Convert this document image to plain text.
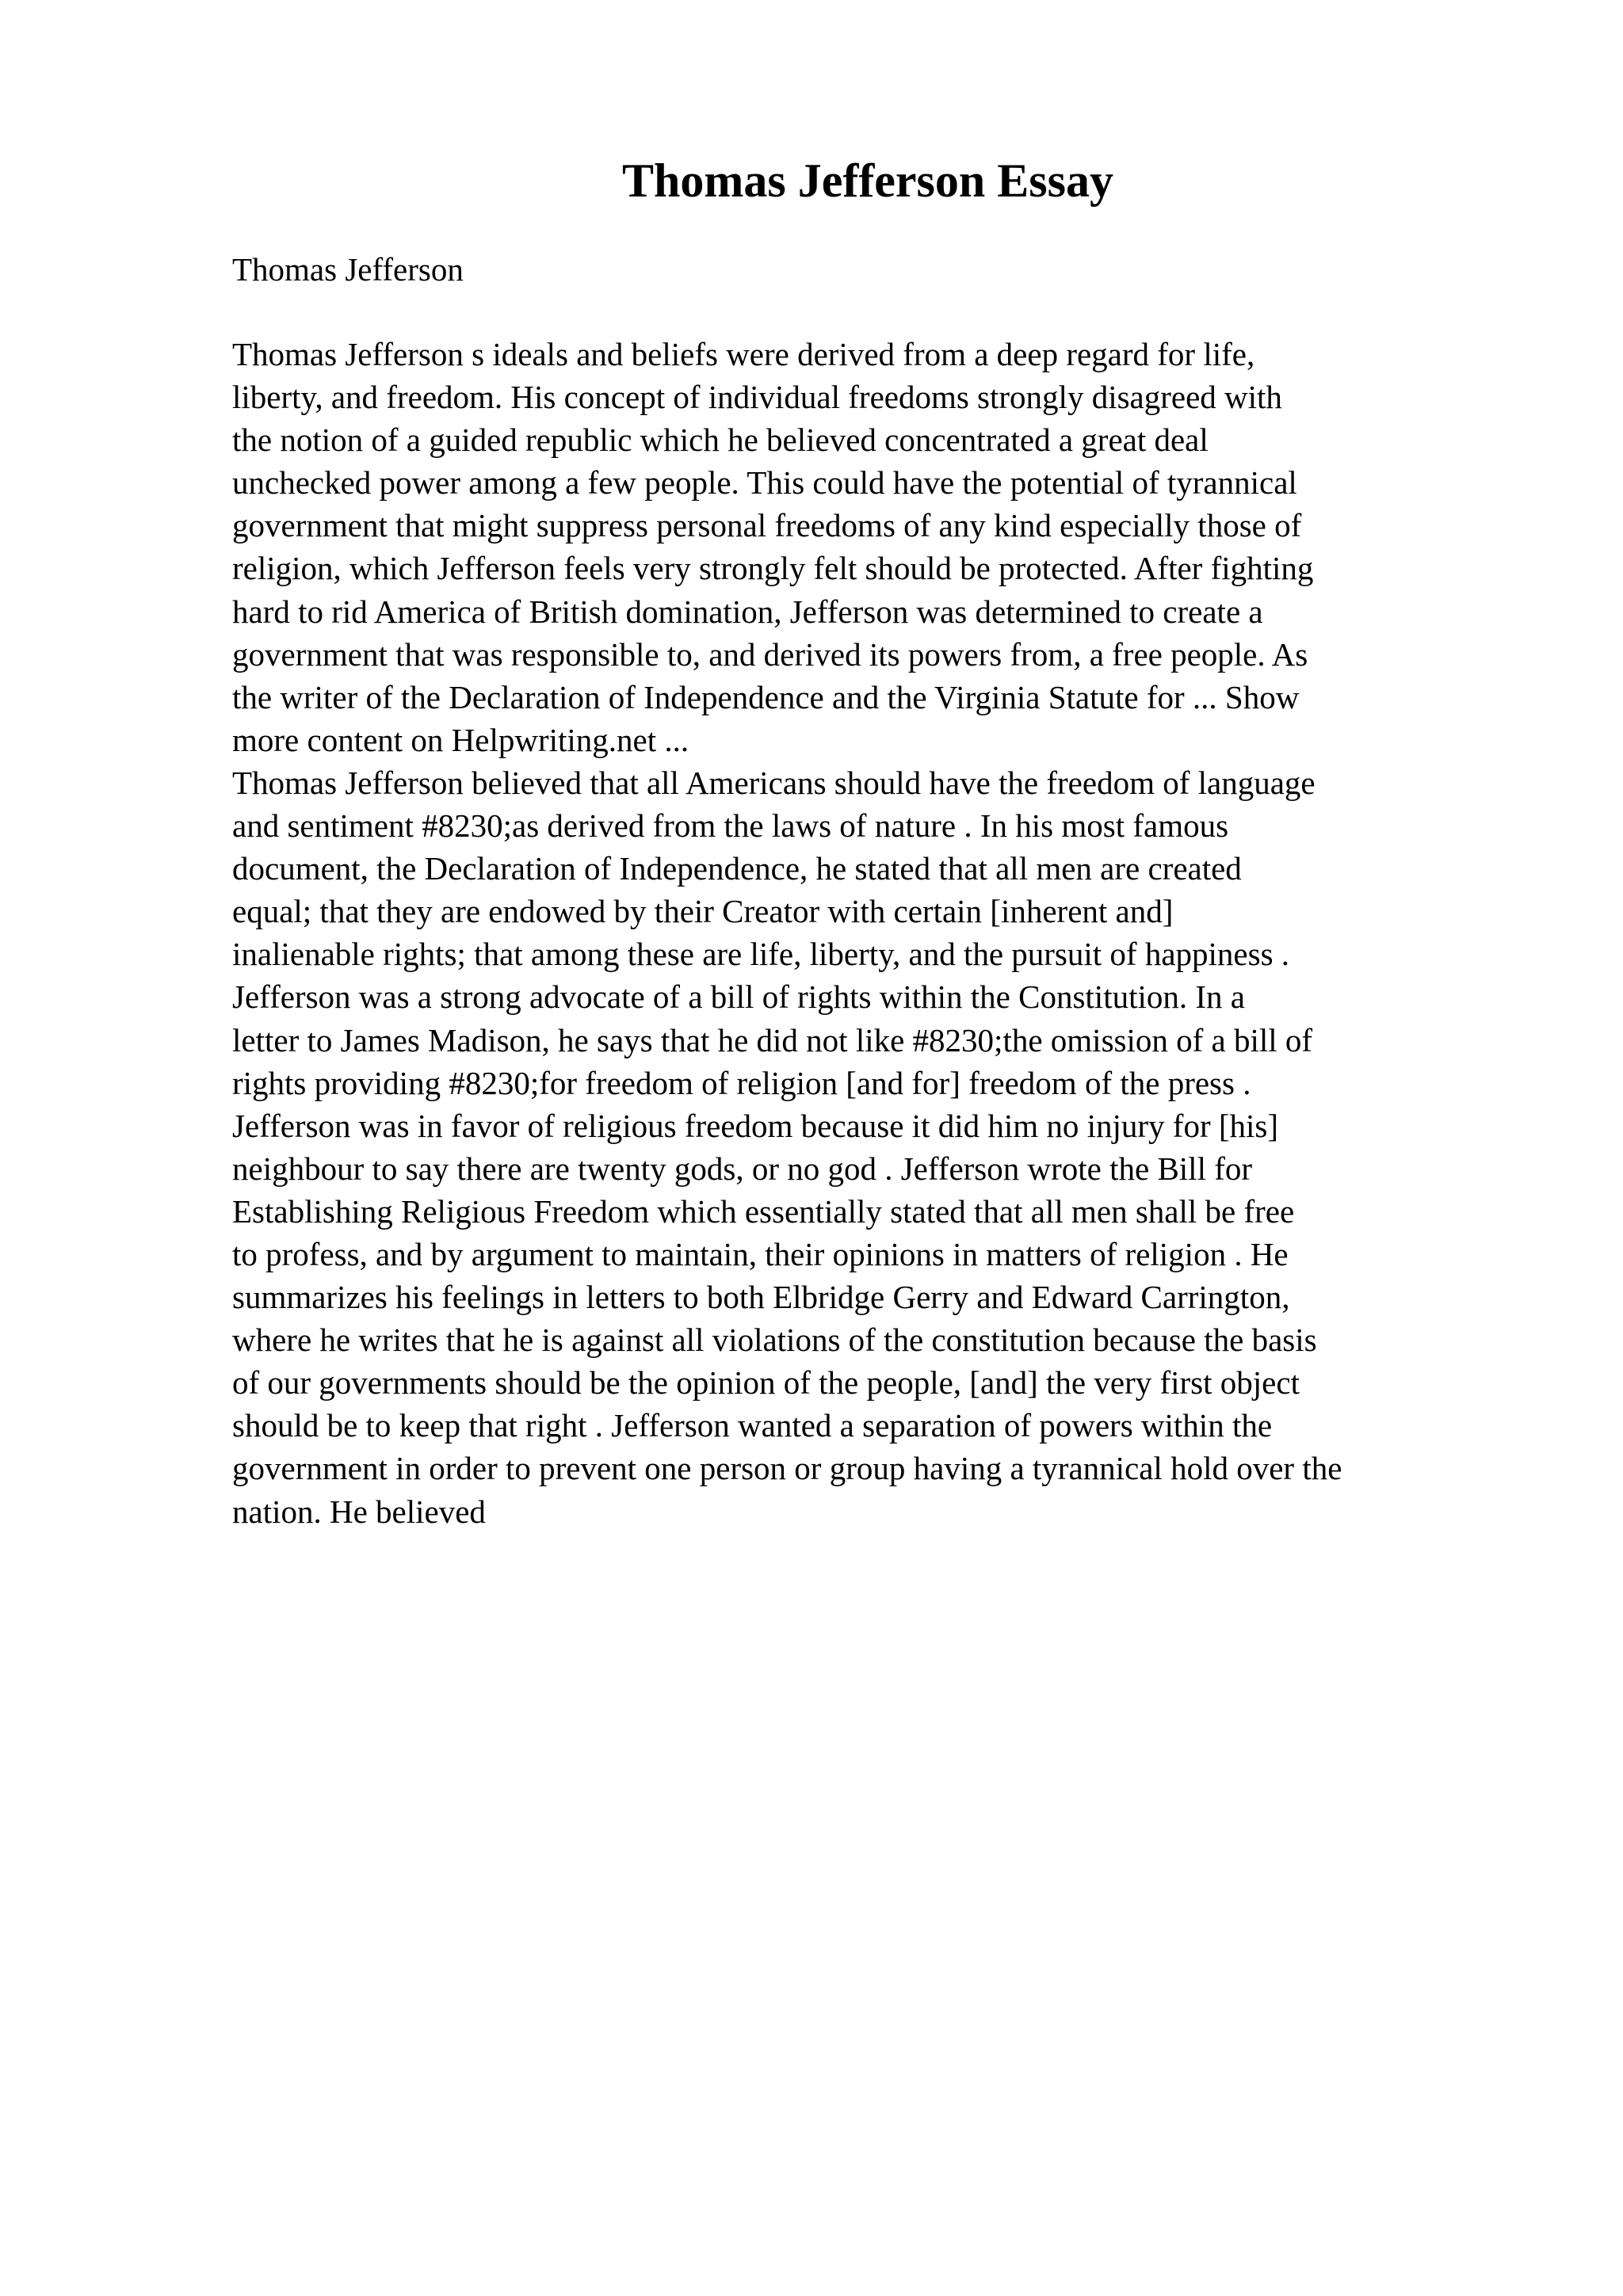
Thomas Jefferson Essay

Thomas Jefferson

Thomas Jefferson s ideals and beliefs were derived from a deep regard for life,
liberty, and freedom. His concept of individual freedoms strongly disagreed with
the notion of a guided republic which he believed concentrated a great deal
unchecked power among a few people. This could have the potential of tyrannical
government that might suppress personal freedoms of any kind especially those of
religion, which Jefferson feels very strongly felt should be protected. After fighting
hard to rid America of British domination, Jefferson was determined to create a
government that was responsible to, and derived its powers from, a free people. As
the writer of the Declaration of Independence and the Virginia Statute for ... Show
more content on Helpwriting.net ...
Thomas Jefferson believed that all Americans should have the freedom of language
and sentiment #8230;as derived from the laws of nature . In his most famous
document, the Declaration of Independence, he stated that all men are created
equal; that they are endowed by their Creator with certain [inherent and]
inalienable rights; that among these are life, liberty, and the pursuit of happiness .
Jefferson was a strong advocate of a bill of rights within the Constitution. In a
letter to James Madison, he says that he did not like #8230;the omission of a bill of
rights providing #8230;for freedom of religion [and for] freedom of the press .
Jefferson was in favor of religious freedom because it did him no injury for [his]
neighbour to say there are twenty gods, or no god . Jefferson wrote the Bill for
Establishing Religious Freedom which essentially stated that all men shall be free
to profess, and by argument to maintain, their opinions in matters of religion . He
summarizes his feelings in letters to both Elbridge Gerry and Edward Carrington,
where he writes that he is against all violations of the constitution because the basis
of our governments should be the opinion of the people, [and] the very first object
should be to keep that right . Jefferson wanted a separation of powers within the
government in order to prevent one person or group having a tyrannical hold over the
nation. He believed
